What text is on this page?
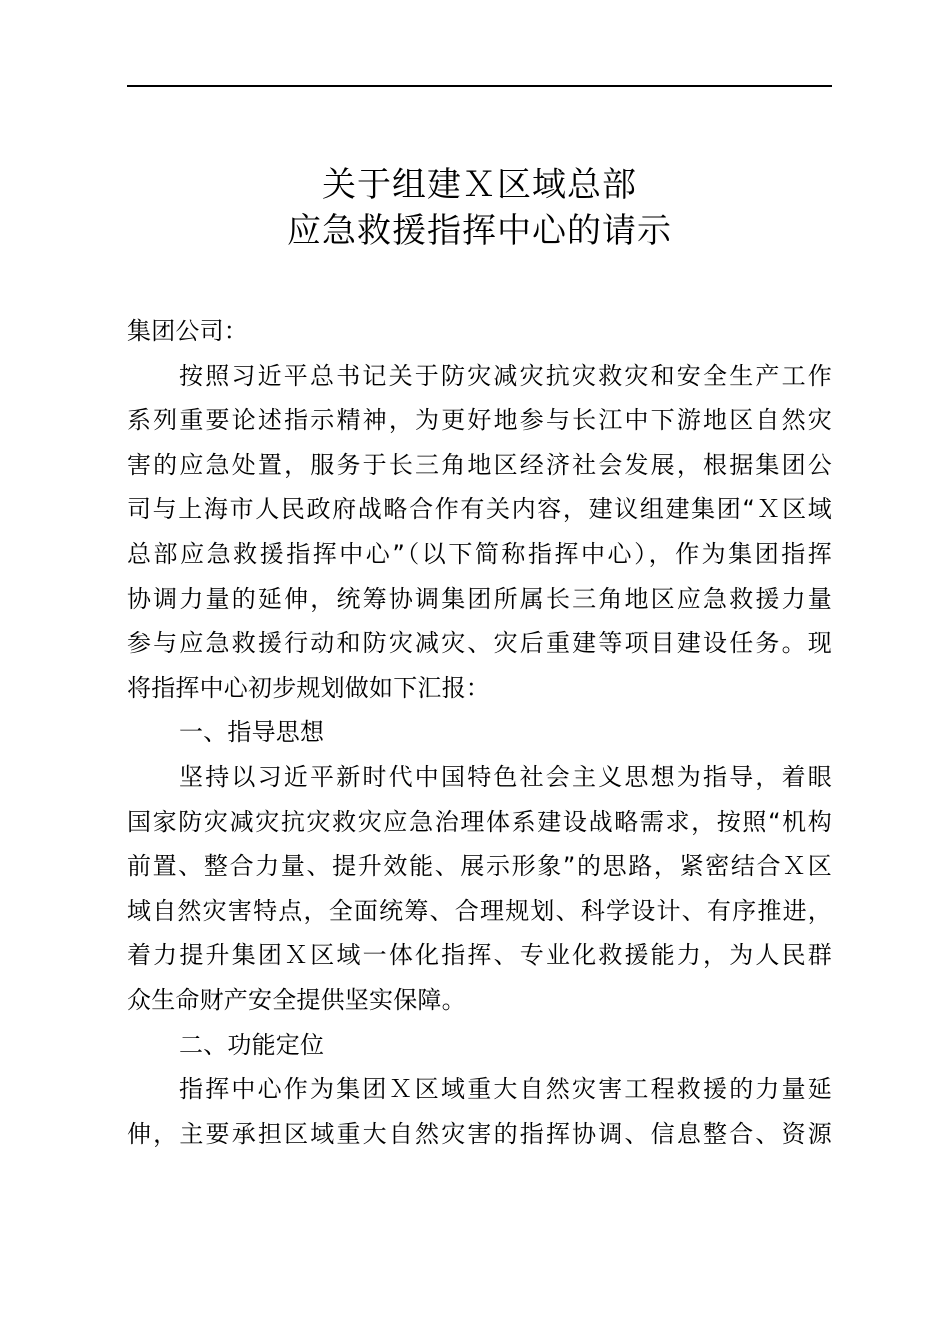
关于组建Ｘ区域总部
应急救援指挥中心的请示
集团公司：
按照习近平总书记关于防灾减灾抗灾救灾和安全生产工作
系列重要论述指示精神，为更好地参与长江中下游地区自然灾
害的应急处置，服务于长三角地区经济社会发展，根据集团公
司与上海市人民政府战略合作有关内容，建议组建集团“Ｘ区域
总部应急救援指挥中心”（以下简称指挥中心），作为集团指挥
协调力量的延伸，统筹协调集团所属长三角地区应急救援力量
参与应急救援行动和防灾减灾、灾后重建等项目建设任务。现
将指挥中心初步规划做如下汇报：
一、指导思想
坚持以习近平新时代中国特色社会主义思想为指导，着眼
国家防灾减灾抗灾救灾应急治理体系建设战略需求，按照“机构
前置、整合力量、提升效能、展示形象”的思路，紧密结合Ｘ区
域自然灾害特点，全面统筹、合理规划、科学设计、有序推进，
着力提升集团Ｘ区域一体化指挥、专业化救援能力，为人民群
众生命财产安全提供坚实保障。
二、功能定位
指挥中心作为集团Ｘ区域重大自然灾害工程救援的力量延
伸，主要承担区域重大自然灾害的指挥协调、信息整合、资源
